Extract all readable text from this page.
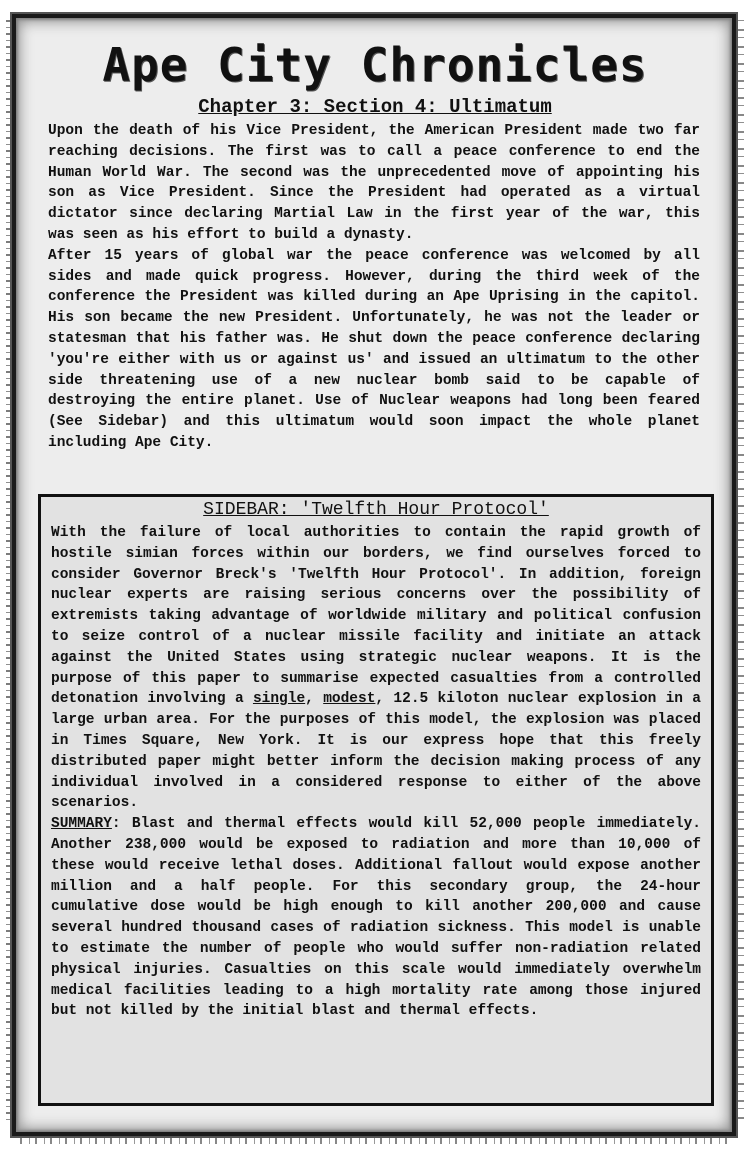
Ape City Chronicles
Chapter 3: Section 4: Ultimatum

Upon the death of his Vice President, the American President made two far reaching decisions. The first was to call a peace conference to end the Human World War. The second was the unprecedented move of appointing his son as Vice President. Since the President had operated as a virtual dictator since declaring Martial Law in the first year of the war, this was seen as his effort to build a dynasty.

After 15 years of global war the peace conference was welcomed by all sides and made quick progress. However, during the third week of the conference the President was killed during an Ape Uprising in the capitol. His son became the new President. Unfortunately, he was not the leader or statesman that his father was. He shut down the peace conference declaring 'you're either with us or against us' and issued an ultimatum to the other side threatening use of a new nuclear bomb said to be capable of destroying the entire planet. Use of Nuclear weapons had long been feared (See Sidebar) and this ultimatum would soon impact the whole planet including Ape City.

SIDEBAR: 'Twelfth Hour Protocol'

With the failure of local authorities to contain the rapid growth of hostile simian forces within our borders, we find ourselves forced to consider Governor Breck's 'Twelfth Hour Protocol'. In addition, foreign nuclear experts are raising serious concerns over the possibility of extremists taking advantage of worldwide military and political confusion to seize control of a nuclear missile facility and initiate an attack against the United States using strategic nuclear weapons. It is the purpose of this paper to summarise expected casualties from a controlled detonation involving a single, modest, 12.5 kiloton nuclear explosion in a large urban area. For the purposes of this model, the explosion was placed in Times Square, New York. It is our express hope that this freely distributed paper might better inform the decision making process of any individual involved in a considered response to either of the above scenarios.

SUMMARY: Blast and thermal effects would kill 52,000 people immediately. Another 238,000 would be exposed to radiation and more than 10,000 of these would receive lethal doses. Additional fallout would expose another million and a half people. For this secondary group, the 24-hour cumulative dose would be high enough to kill another 200,000 and cause several hundred thousand cases of radiation sickness. This model is unable to estimate the number of people who would suffer non-radiation related physical injuries. Casualties on this scale would immediately overwhelm medical facilities leading to a high mortality rate among those injured but not killed by the initial blast and thermal effects.
